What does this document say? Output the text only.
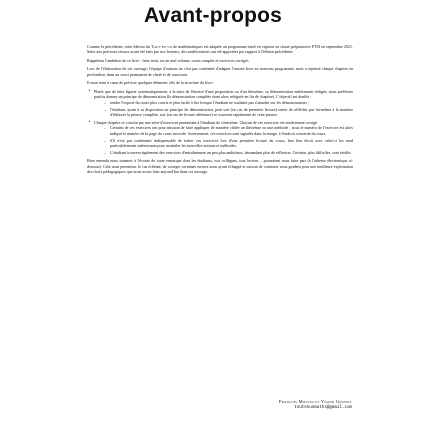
Avant-propos

Comme la précédente, cette édition du Tout-en-un de mathématiques est adaptée au programme entré en vigueur en classe préparatoire PTSI en septembre 2021. Suite aux précieux retours ayant été faits par nos lecteurs, des améliorations ont été apportées par rapport à l'édition précédente.

Rappelons l'ambition de ce livre : faire tenir, en un seul volume, cours complet et exercices corrigés.

Lors de l'élaboration de cet ouvrage, l'équipe d'auteurs ne s'est pas contentée d'adapter l'ancien livre au nouveau programme, mais a repensé chaque chapitre en profondeur, dans un souci permanent de clarté et de concision.

Il nous tient à cœur de préciser quelques éléments clés de la structure du livre :

• Plutôt que de faire figurer systématiquement, à la suite de l'énoncé d'une proposition ou d'un théorème, sa démonstration entièrement rédigée, nous préférons parfois donner un principe de démonstration (la démonstration complète étant alors reléguée en fin de chapitre). L'objectif est double :
– rendre l'exposé du cours plus concis et plus facile à lire lorsque l'étudiant ne souhaite pas s'attarder sur les démonstrations ;
– l'étudiant, ayant à sa disposition un principe de démonstration, peut soit (en cas de première lecture) tenter de réfléchir par lui-même à la manière d'élaborer la preuve complète, soit (en cas de lecture ultérieure) se souvenir rapidement de cette preuve.
• Chaque chapitre se conclut par une série d'exercices permettant à l'étudiant de s'entraîner. Chacun de ces exercices est entièrement corrigé.
– Certains de ces exercices ont pour mission de faire appliquer de manière ciblée un théorème ou une méthode ; nous le numéro de l'exercice est alors indiqué le numéro de la page du cours associée. Inversement, ces exercices sont signalés dans la marge, à l'endroit concerné du cours.
– S'il n'est pas totalement indispensable de traiter ces exercices lors d'une première lecture du cours, leur lien étroit avec celui-ci les rend particulièrement intéressants pour assimiler les nouvelles notions et méthodes.
– L'étudiant trouvera également des exercices d'entraînement un peu plus ambitieux, demandant plus de réflexion. Certains, plus difficiles, sont étoilés.

Bien entendu nous sommes à l'écoute de toute remarque dont les étudiants, nos collègues, tout lecteur… pourraient nous faire part (à l'adresse électronique ci-dessous). Cela nous permettra, le cas échéant, de corriger certaines erreurs nous ayant échappé et surtout de contacter nous guidera pour une meilleure exploitation des choix pédagogiques que nous avons faits aujourd'hui dans cet ouvrage.

François Moulin et Yoann Gentric
toutenunmaths@gmail.com
